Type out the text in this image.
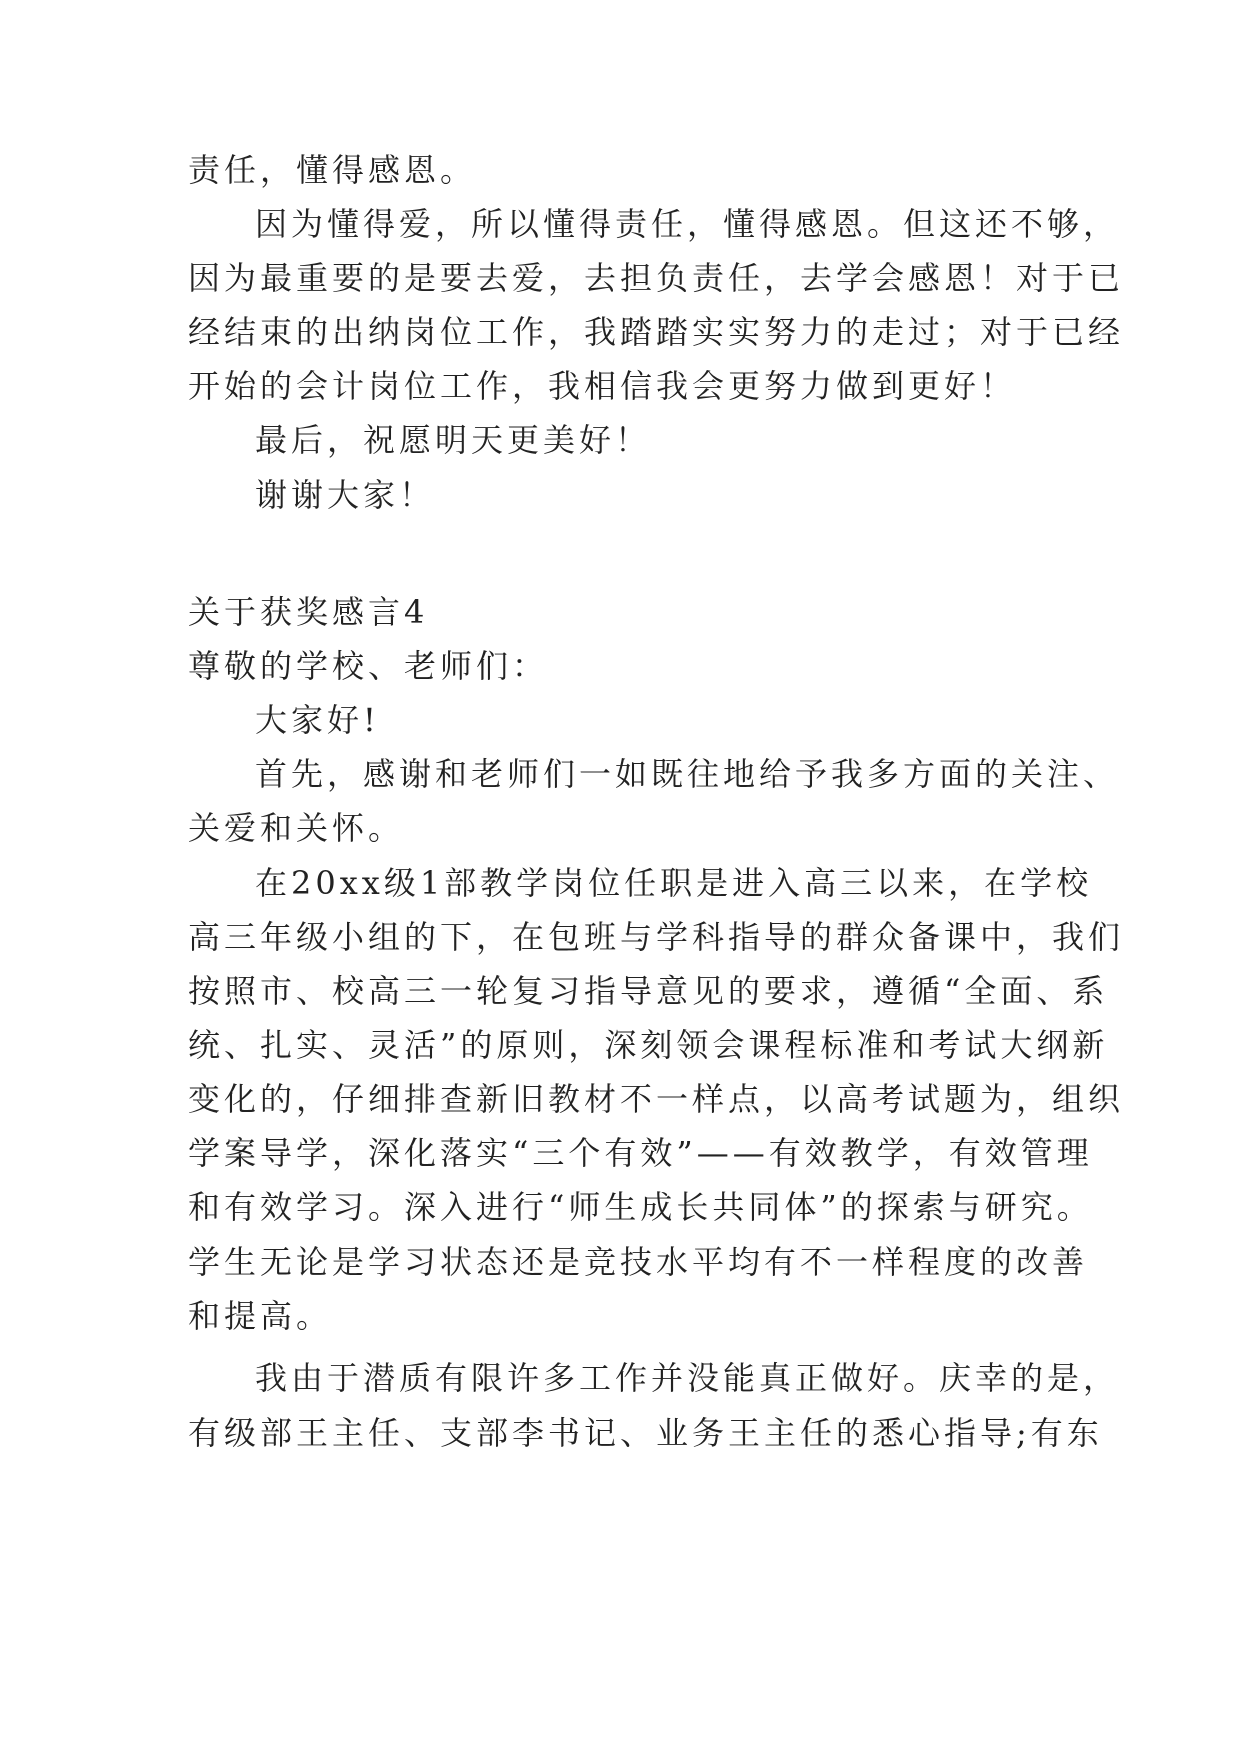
责任，懂得感恩。
因为懂得爱，所以懂得责任，懂得感恩。但这还不够，
因为最重要的是要去爱，去担负责任，去学会感恩！对于已
经结束的出纳岗位工作，我踏踏实实努力的走过；对于已经
开始的会计岗位工作，我相信我会更努力做到更好！
最后，祝愿明天更美好！
谢谢大家！
关于获奖感言4
尊敬的学校、老师们：
大家好!
首先，感谢和老师们一如既往地给予我多方面的关注、
关爱和关怀。
在20xx级1部教学岗位任职是进入高三以来，在学校
高三年级小组的下，在包班与学科指导的群众备课中，我们
按照市、校高三一轮复习指导意见的要求，遵循“全面、系
统、扎实、灵活”的原则，深刻领会课程标准和考试大纲新
变化的，仔细排查新旧教材不一样点，以高考试题为，组织
学案导学，深化落实“三个有效”——有效教学，有效管理
和有效学习。深入进行“师生成长共同体”的探索与研究。
学生无论是学习状态还是竞技水平均有不一样程度的改善
和提高。
我由于潜质有限许多工作并没能真正做好。庆幸的是，
有级部王主任、支部李书记、业务王主任的悉心指导;有东
